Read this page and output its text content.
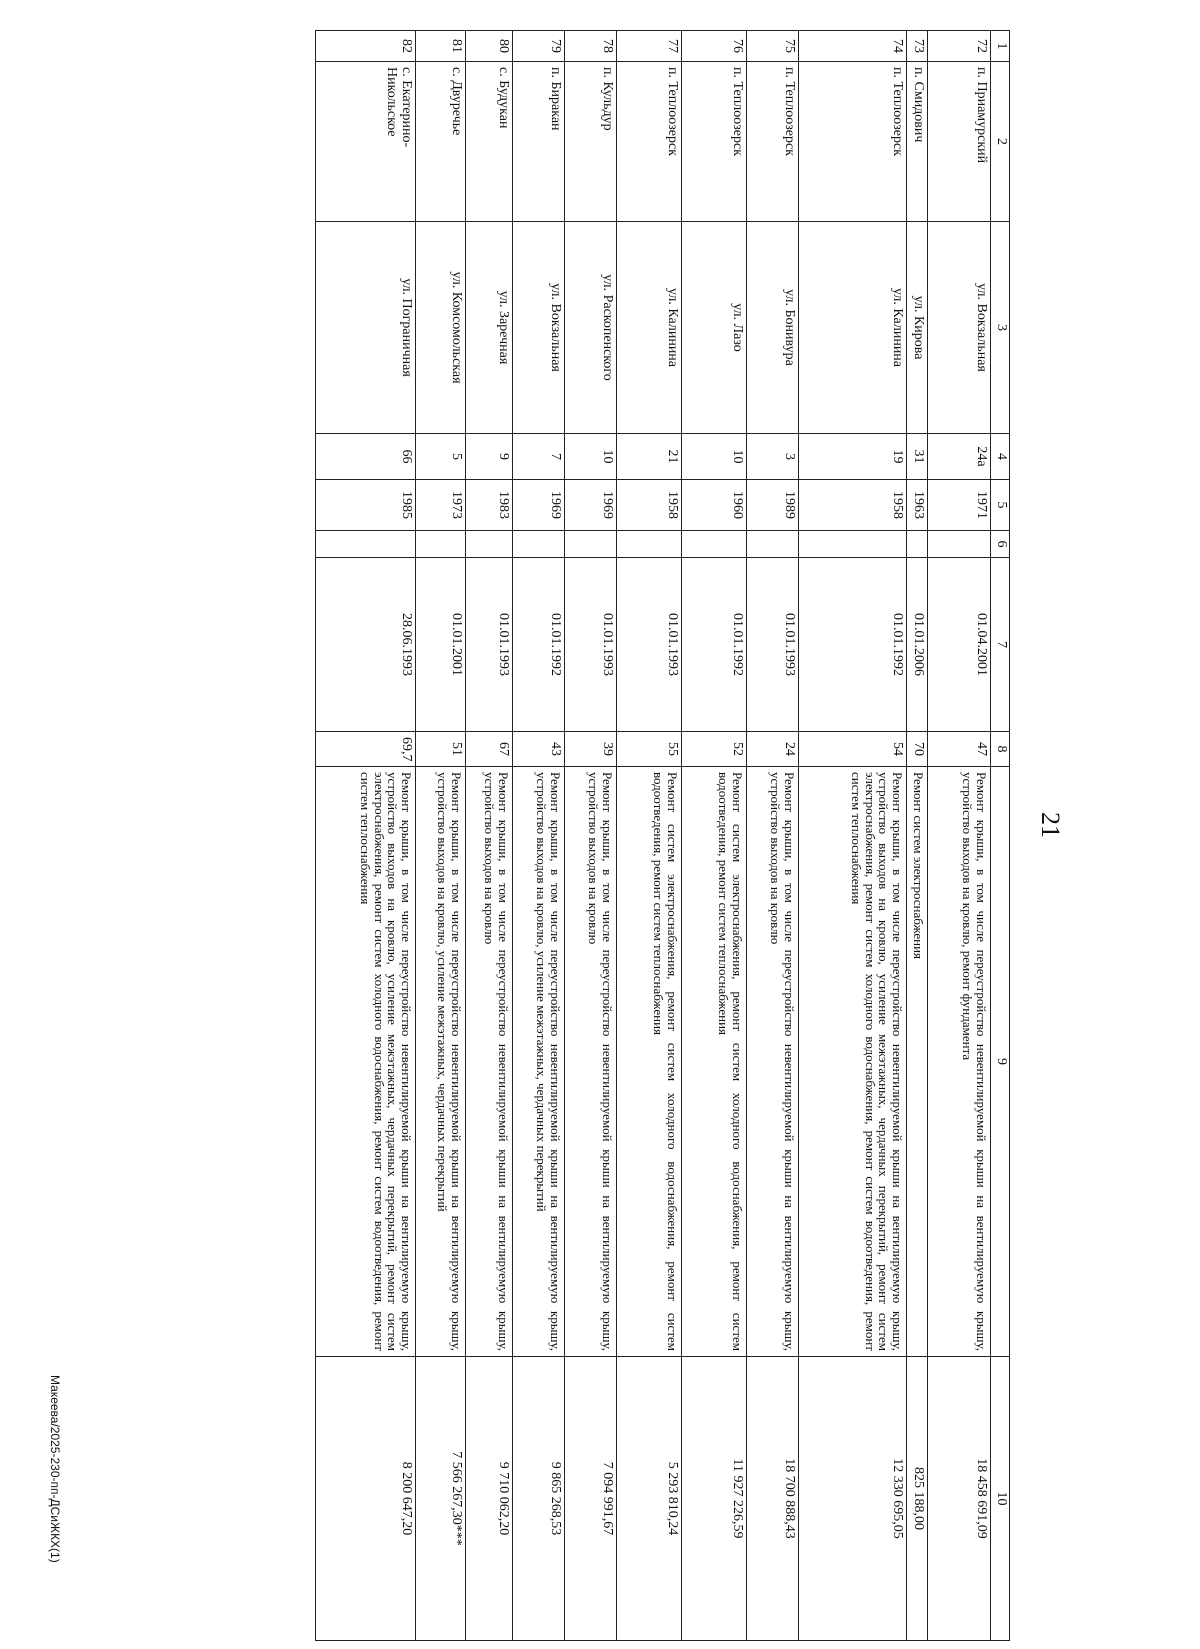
21
1	2	3	4	5	6	7	8	9	10
72	п. Приамурский	ул. Вокзальная	24а	1971		01.04.2001	47	Ремонт крыши, в том числе переустройство невентилируемой крыши на вентилируемую крышу, устройство выходов на кровлю, ремонт фундамента	18 458 691,09
73	п. Смидович	ул. Кирова	31	1963		01.01.2006	70	Ремонт систем электроснабжения	825 188,00
74	п. Теплоозерск	ул. Калинина	19	1958		01.01.1992	54	Ремонт крыши, в том числе переустройство невентилируемой крыши на вентилируемую крышу, устройство выходов на кровлю, усиление межэтажных, чердачных перекрытий, ремонт систем электроснабжения, ремонт систем холодного водоснабжения, ремонт систем водоотведения, ремонт систем теплоснабжения	12 330 695,05
75	п. Теплоозерск	ул. Бонивура	3	1989		01.01.1993	24	Ремонт крыши, в том числе переустройство невентилируемой крыши на вентилируемую крышу, устройство выходов на кровлю	18 700 888,43
76	п. Теплоозерск	ул. Лазо	10	1960		01.01.1992	52	Ремонт систем электроснабжения, ремонт систем холодного водоснабжения, ремонт систем водоотведения, ремонт систем теплоснабжения	11 927 226,59
77	п. Теплоозерск	ул. Калинина	21	1958		01.01.1993	55	Ремонт систем электроснабжения, ремонт систем холодного водоснабжения, ремонт систем водоотведения, ремонт систем теплоснабжения	5 293 810,24
78	п. Кульдур	ул. Раскопенского	10	1969		01.01.1993	39	Ремонт крыши, в том числе переустройство невентилируемой крыши на вентилируемую крышу, устройство выходов на кровлю	7 094 991,67
79	п. Биракан	ул. Вокзальная	7	1969		01.01.1992	43	Ремонт крыши, в том числе переустройство невентилируемой крыши на вентилируемую крышу, устройство выходов на кровлю, усиление межэтажных, чердачных перекрытий	9 865 268,53
80	с. Будукан	ул. Заречная	9	1983		01.01.1993	67	Ремонт крыши, в том числе переустройство невентилируемой крыши на вентилируемую крышу, устройство выходов на кровлю	9 710 062,20
81	с. Двуречье	ул. Комсомольская	5	1973		01.01.2001	51	Ремонт крыши, в том числе переустройство невентилируемой крыши на вентилируемую крышу, устройство выходов на кровлю, усиление межэтажных, чердачных перекрытий	7 566 267,30***
82	с. Екатерино-Никольское	ул. Пограничная	66	1985		28.06.1993	69,7	Ремонт крыши, в том числе переустройство невентилируемой крыши на вентилируемую крышу, устройство выходов на кровлю, усиление межэтажных, чердачных перекрытий, ремонт систем электроснабжения, ремонт систем холодного водоснабжения, ремонт систем водоотведения, ремонт систем теплоснабжения	8 200 647,20
Макеева/2025-230-пп-ДСиЖКХ(1)
